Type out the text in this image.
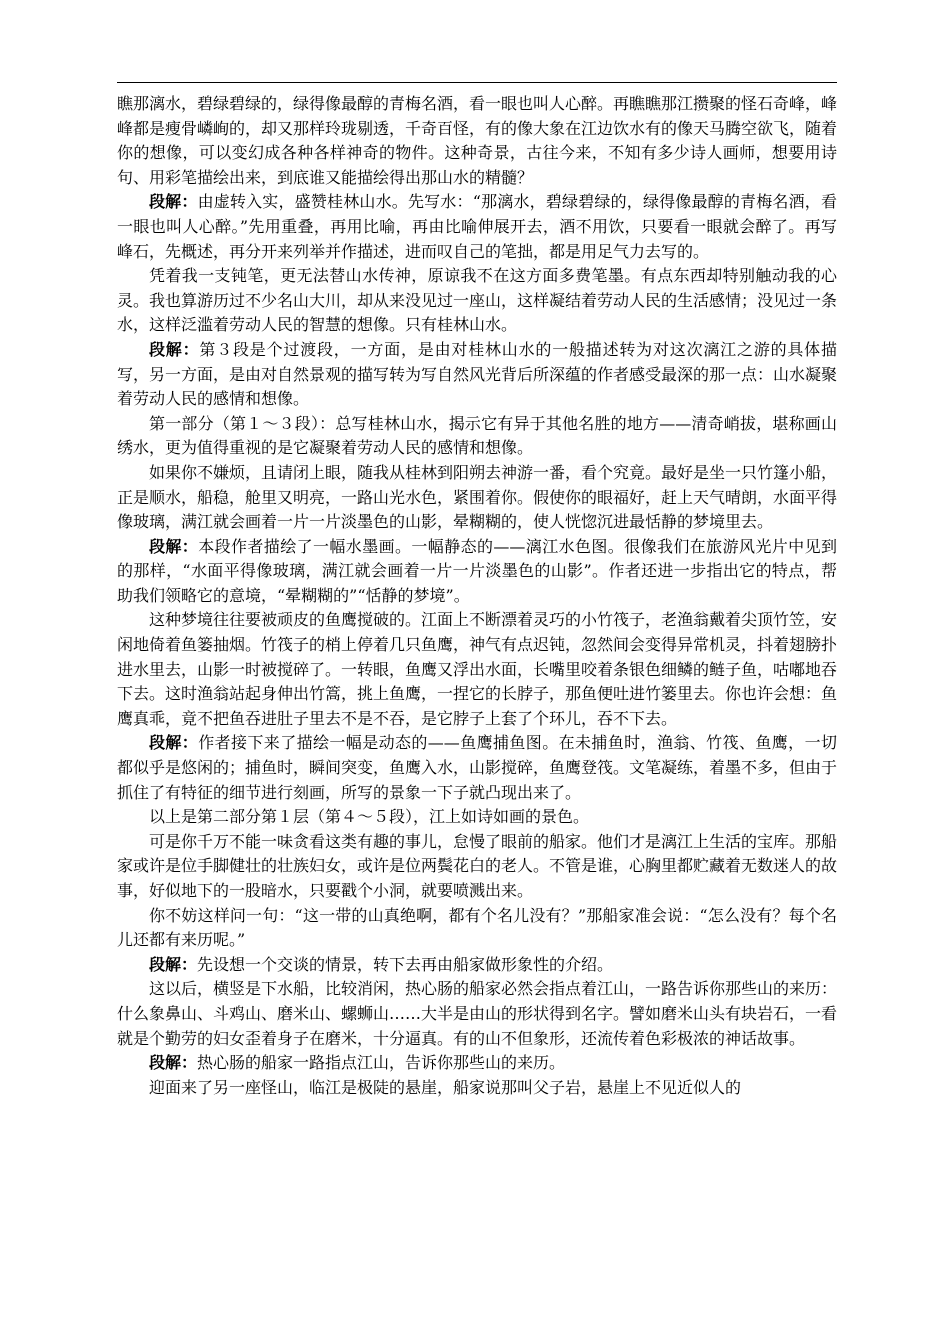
瞧那漓水，碧绿碧绿的，绿得像最醇的青梅名酒，看一眼也叫人心醉。再瞧瞧那江攒聚的怪石奇峰，峰峰都是瘦骨嶙峋的，却又那样玲珑剔透，千奇百怪，有的像大象在江边饮水有的像天马腾空欲飞，随着你的想像，可以变幻成各种各样神奇的物件。这种奇景，古往今来，不知有多少诗人画师，想要用诗句、用彩笔描绘出来，到底谁又能描绘得出那山水的精髓？

段解：由虚转入实，盛赞桂林山水。先写水：“那漓水，碧绿碧绿的，绿得像最醇的青梅名酒，看一眼也叫人心醉。”先用重叠，再用比喻，再由比喻伸展开去，酒不用饮，只要看一眼就会醉了。再写峰石，先概述，再分开来列举并作描述，进而叹自己的笔拙，都是用足气力去写的。

凭着我一支钝笔，更无法替山水传神，原谅我不在这方面多费笔墨。有点东西却特别触动我的心灵。我也算游历过不少名山大川，却从来没见过一座山，这样凝结着劳动人民的生活感情；没见过一条水，这样泛滥着劳动人民的智慧的想像。只有桂林山水。

段解：第３段是个过渡段，一方面，是由对桂林山水的一般描述转为对这次漓江之游的具体描写，另一方面，是由对自然景观的描写转为写自然风光背后所深蕴的作者感受最深的那一点：山水凝聚着劳动人民的感情和想像。

第一部分（第１～３段）：总写桂林山水，揭示它有异于其他名胜的地方——清奇峭拔，堪称画山绣水，更为值得重视的是它凝聚着劳动人民的感情和想像。

如果你不嫌烦，且请闭上眼，随我从桂林到阳朔去神游一番，看个究竟。最好是坐一只竹篷小船，正是顺水，船稳，舱里又明亮，一路山光水色，紧围着你。假使你的眼福好，赶上天气晴朗，水面平得像玻璃，满江就会画着一片一片淡墨色的山影，晕糊糊的，使人恍惚沉进最恬静的梦境里去。

段解：本段作者描绘了一幅水墨画。一幅静态的——漓江水色图。很像我们在旅游风光片中见到的那样，“水面平得像玻璃，满江就会画着一片一片淡墨色的山影”。作者还进一步指出它的特点，帮助我们领略它的意境，“晕糊糊的”“恬静的梦境”。

这种梦境往往要被顽皮的鱼鹰搅破的。江面上不断漂着灵巧的小竹筏子，老渔翁戴着尖顶竹笠，安闲地倚着鱼篓抽烟。竹筏子的梢上停着几只鱼鹰，神气有点迟钝，忽然间会变得异常机灵，抖着翅膀扑进水里去，山影一时被搅碎了。一转眼，鱼鹰又浮出水面，长嘴里咬着条银色细鳞的鲢子鱼，咕嘟地吞下去。这时渔翁站起身伸出竹篙，挑上鱼鹰，一捏它的长脖子，那鱼便吐进竹篓里去。你也许会想：鱼鹰真乖，竟不把鱼吞进肚子里去不是不吞，是它脖子上套了个环儿，吞不下去。

段解：作者接下来了描绘一幅是动态的——鱼鹰捕鱼图。在未捕鱼时，渔翁、竹筏、鱼鹰，一切都似乎是悠闲的；捕鱼时，瞬间突变，鱼鹰入水，山影搅碎，鱼鹰登筏。文笔凝练，着墨不多，但由于抓住了有特征的细节进行刻画，所写的景象一下子就凸现出来了。

以上是第二部分第１层（第４～５段），江上如诗如画的景色。

可是你千万不能一味贪看这类有趣的事儿，怠慢了眼前的船家。他们才是漓江上生活的宝库。那船家或许是位手脚健壮的壮族妇女，或许是位两鬓花白的老人。不管是谁，心胸里都贮藏着无数迷人的故事，好似地下的一股暗水，只要戳个小洞，就要喷溅出来。

你不妨这样问一句：“这一带的山真绝啊，都有个名儿没有？”那船家准会说：“怎么没有？每个名儿还都有来历呢。”

段解：先设想一个交谈的情景，转下去再由船家做形象性的介绍。

这以后，横竖是下水船，比较消闲，热心肠的船家必然会指点着江山，一路告诉你那些山的来历：什么象鼻山、斗鸡山、磨米山、螺蛳山……大半是由山的形状得到名字。譬如磨米山头有块岩石，一看就是个勤劳的妇女歪着身子在磨米，十分逼真。有的山不但象形，还流传着色彩极浓的神话故事。

段解：热心肠的船家一路指点江山，告诉你那些山的来历。

迎面来了另一座怪山，临江是极陡的悬崖，船家说那叫父子岩，悬崖上不见近似人的
